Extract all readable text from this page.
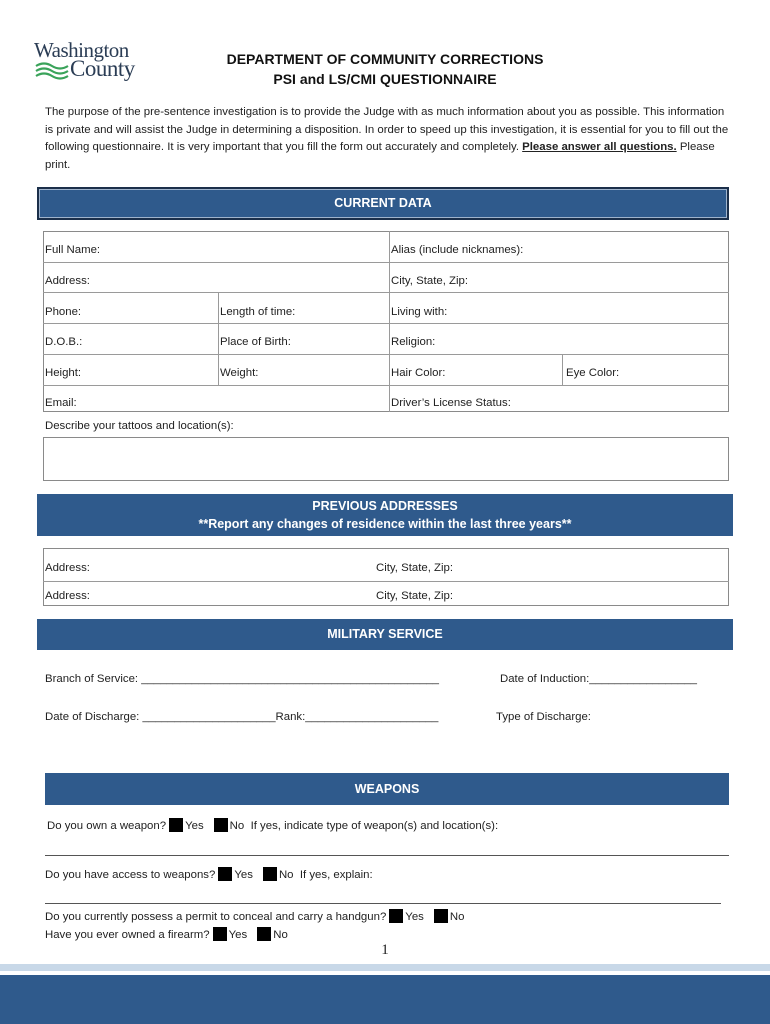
Washington
County	DEPARTMENT OF COMMUNITY CORRECTIONS
PSI and LS/CMI QUESTIONNAIRE
The purpose of the pre-sentence investigation is to provide the Judge with as much information about you as possible. This information is private and will assist the Judge in determining a disposition. In order to speed up this investigation, it is essential for you to fill out the following questionnaire. It is very important that you fill the form out accurately and completely. Please answer all questions. Please print.
CURRENT DATA
Full Name:	Alias (include nicknames):
Address:	City, State, Zip:
Phone:	Length of time:	Living with:
D.O.B.:	Place of Birth:	Religion:
Height:	Weight:	Hair Color:	Eye Color:
Email:	Driver’s License Status:
Describe your tattoos and location(s):
PREVIOUS ADDRESSES
**Report any changes of residence within the last three years**
Address:	City, State, Zip:
Address:	City, State, Zip:
MILITARY SERVICE
Branch of Service: _______________________________________________	Date of Induction:_________________
Date of Discharge: _____________________Rank:_____________________	Type of Discharge:
WEAPONS
Do you own a weapon? Yes No If yes, indicate type of weapon(s) and location(s):
Do you have access to weapons? Yes No If yes, explain:
Do you currently possess a permit to conceal and carry a handgun? Yes No
Have you ever owned a firearm? Yes No
1
